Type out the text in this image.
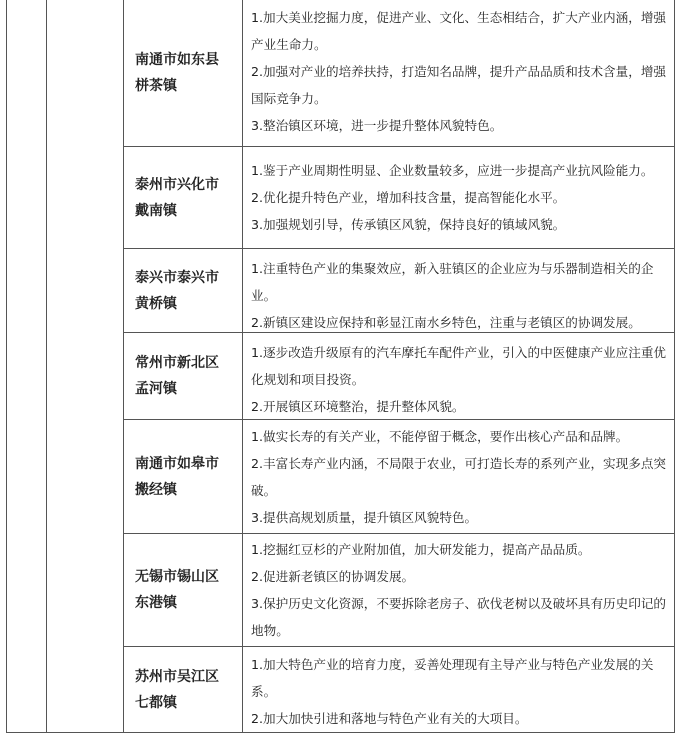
南通市如东县栟茶镇

1.加大美业挖掘力度，促进产业、文化、生态相结合，扩大产业内涵，增强产业生命力。

2.加强对产业的培养扶持，打造知名品牌，提升产品品质和技术含量，增强国际竞争力。

3.整治镇区环境，进一步提升整体风貌特色。

泰州市兴化市戴南镇

1.鉴于产业周期性明显、企业数量较多，应进一步提高产业抗风险能力。

2.优化提升特色产业，增加科技含量，提高智能化水平。

3.加强规划引导，传承镇区风貌，保持良好的镇域风貌。

泰兴市泰兴市黄桥镇

1.注重特色产业的集聚效应，新入驻镇区的企业应为与乐器制造相关的企业。

2.新镇区建设应保持和彰显江南水乡特色，注重与老镇区的协调发展。

常州市新北区孟河镇

1.逐步改造升级原有的汽车摩托车配件产业，引入的中医健康产业应注重优化规划和项目投资。

2.开展镇区环境整治，提升整体风貌。

南通市如皋市搬经镇

1.做实长寿的有关产业，不能停留于概念，要作出核心产品和品牌。

2.丰富长寿产业内涵，不局限于农业，可打造长寿的系列产业，实现多点突破。

3.提供高规划质量，提升镇区风貌特色。

无锡市锡山区东港镇

1.挖掘红豆杉的产业附加值，加大研发能力，提高产品品质。

2.促进新老镇区的协调发展。

3.保护历史文化资源，不要拆除老房子、砍伐老树以及破坏具有历史印记的地物。

苏州市吴江区七都镇

1.加大特色产业的培育力度，妥善处理现有主导产业与特色产业发展的关系。

2.加大加快引进和落地与特色产业有关的大项目。
